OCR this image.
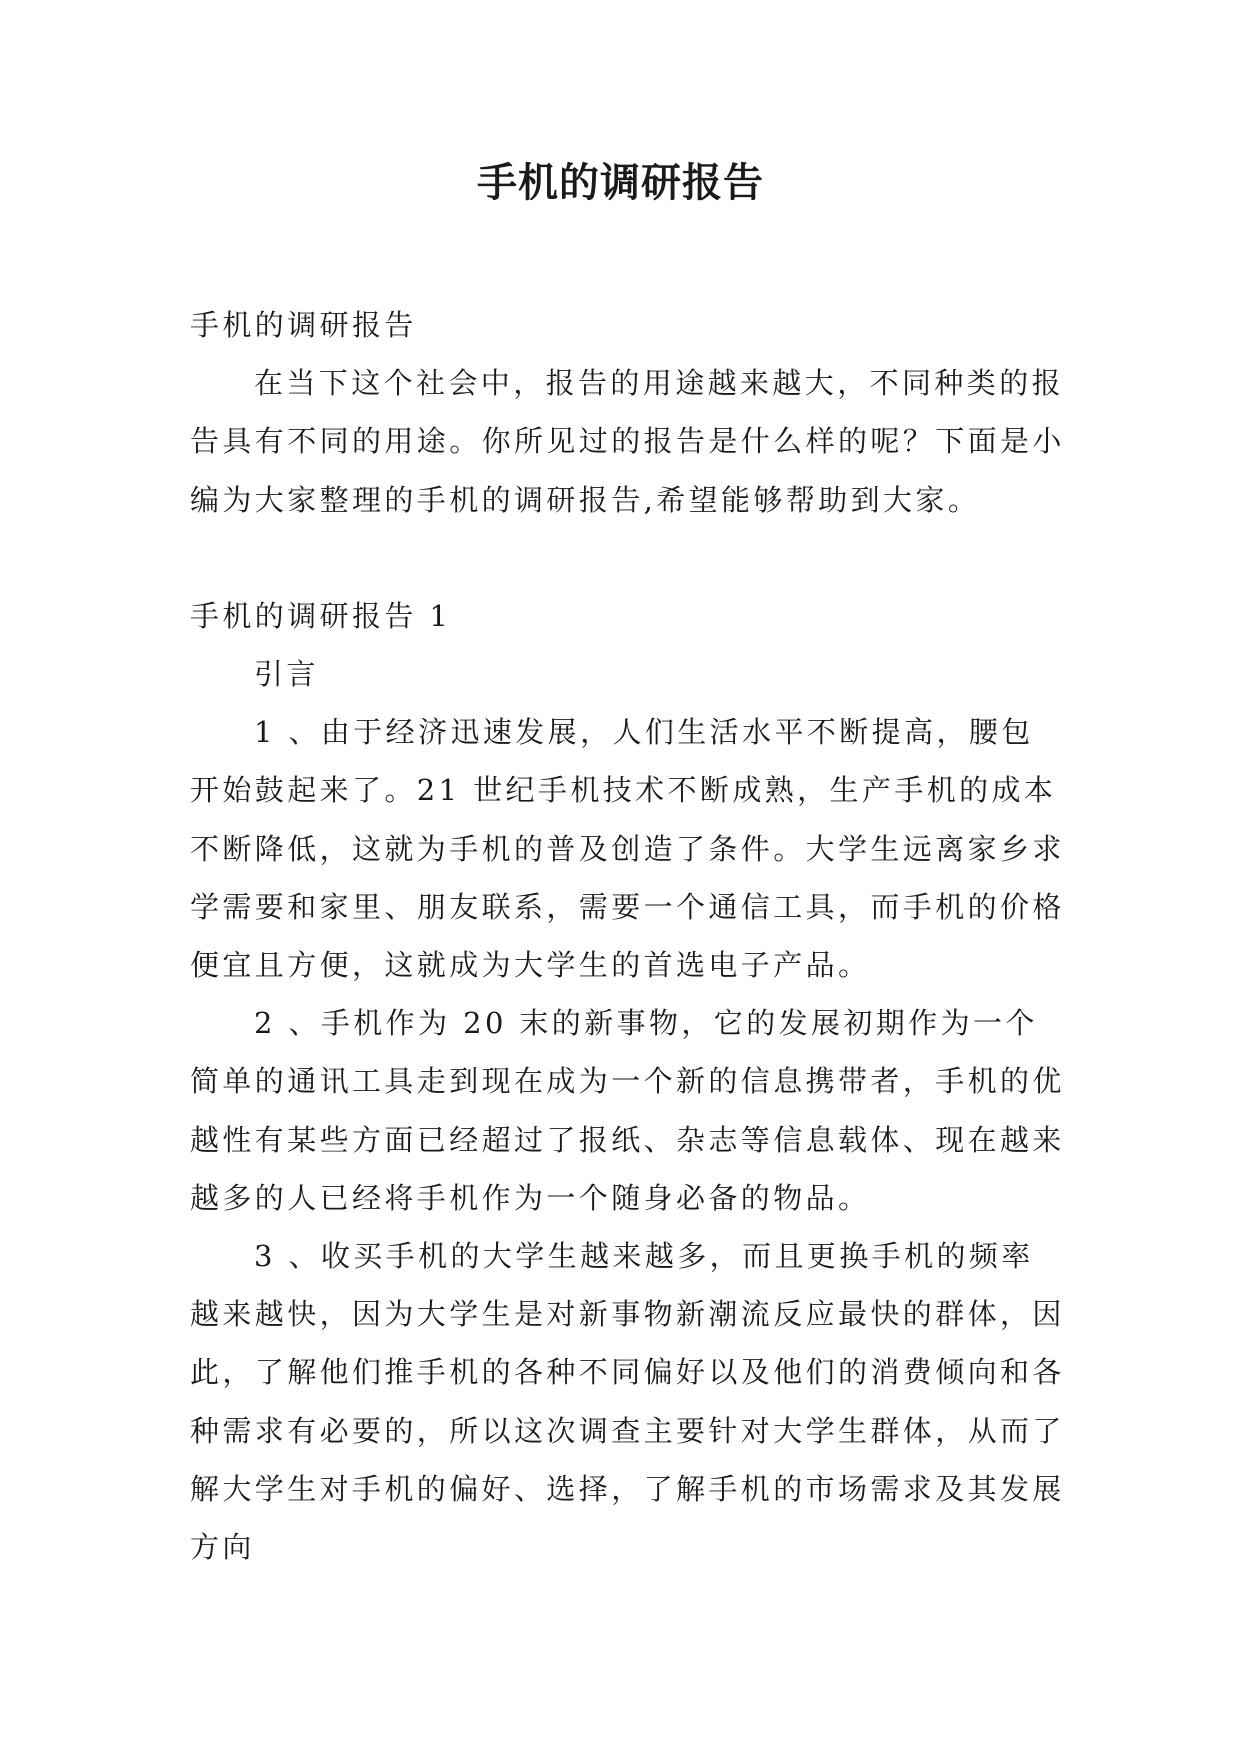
手机的调研报告

手机的调研报告

在当下这个社会中，报告的用途越来越大，不同种类的报告具有不同的用途。你所见过的报告是什么样的呢？下面是小编为大家整理的手机的调研报告,希望能够帮助到大家。

手机的调研报告 1

引言

1 、由于经济迅速发展，人们生活水平不断提高，腰包开始鼓起来了。21 世纪手机技术不断成熟，生产手机的成本不断降低，这就为手机的普及创造了条件。大学生远离家乡求学需要和家里、朋友联系，需要一个通信工具，而手机的价格便宜且方便，这就成为大学生的首选电子产品。

2 、手机作为 20 末的新事物，它的发展初期作为一个简单的通讯工具走到现在成为一个新的信息携带者，手机的优越性有某些方面已经超过了报纸、杂志等信息载体、现在越来越多的人已经将手机作为一个随身必备的物品。

3 、收买手机的大学生越来越多，而且更换手机的频率越来越快，因为大学生是对新事物新潮流反应最快的群体，因此，了解他们推手机的各种不同偏好以及他们的消费倾向和各种需求有必要的，所以这次调查主要针对大学生群体，从而了解大学生对手机的偏好、选择，了解手机的市场需求及其发展方向
